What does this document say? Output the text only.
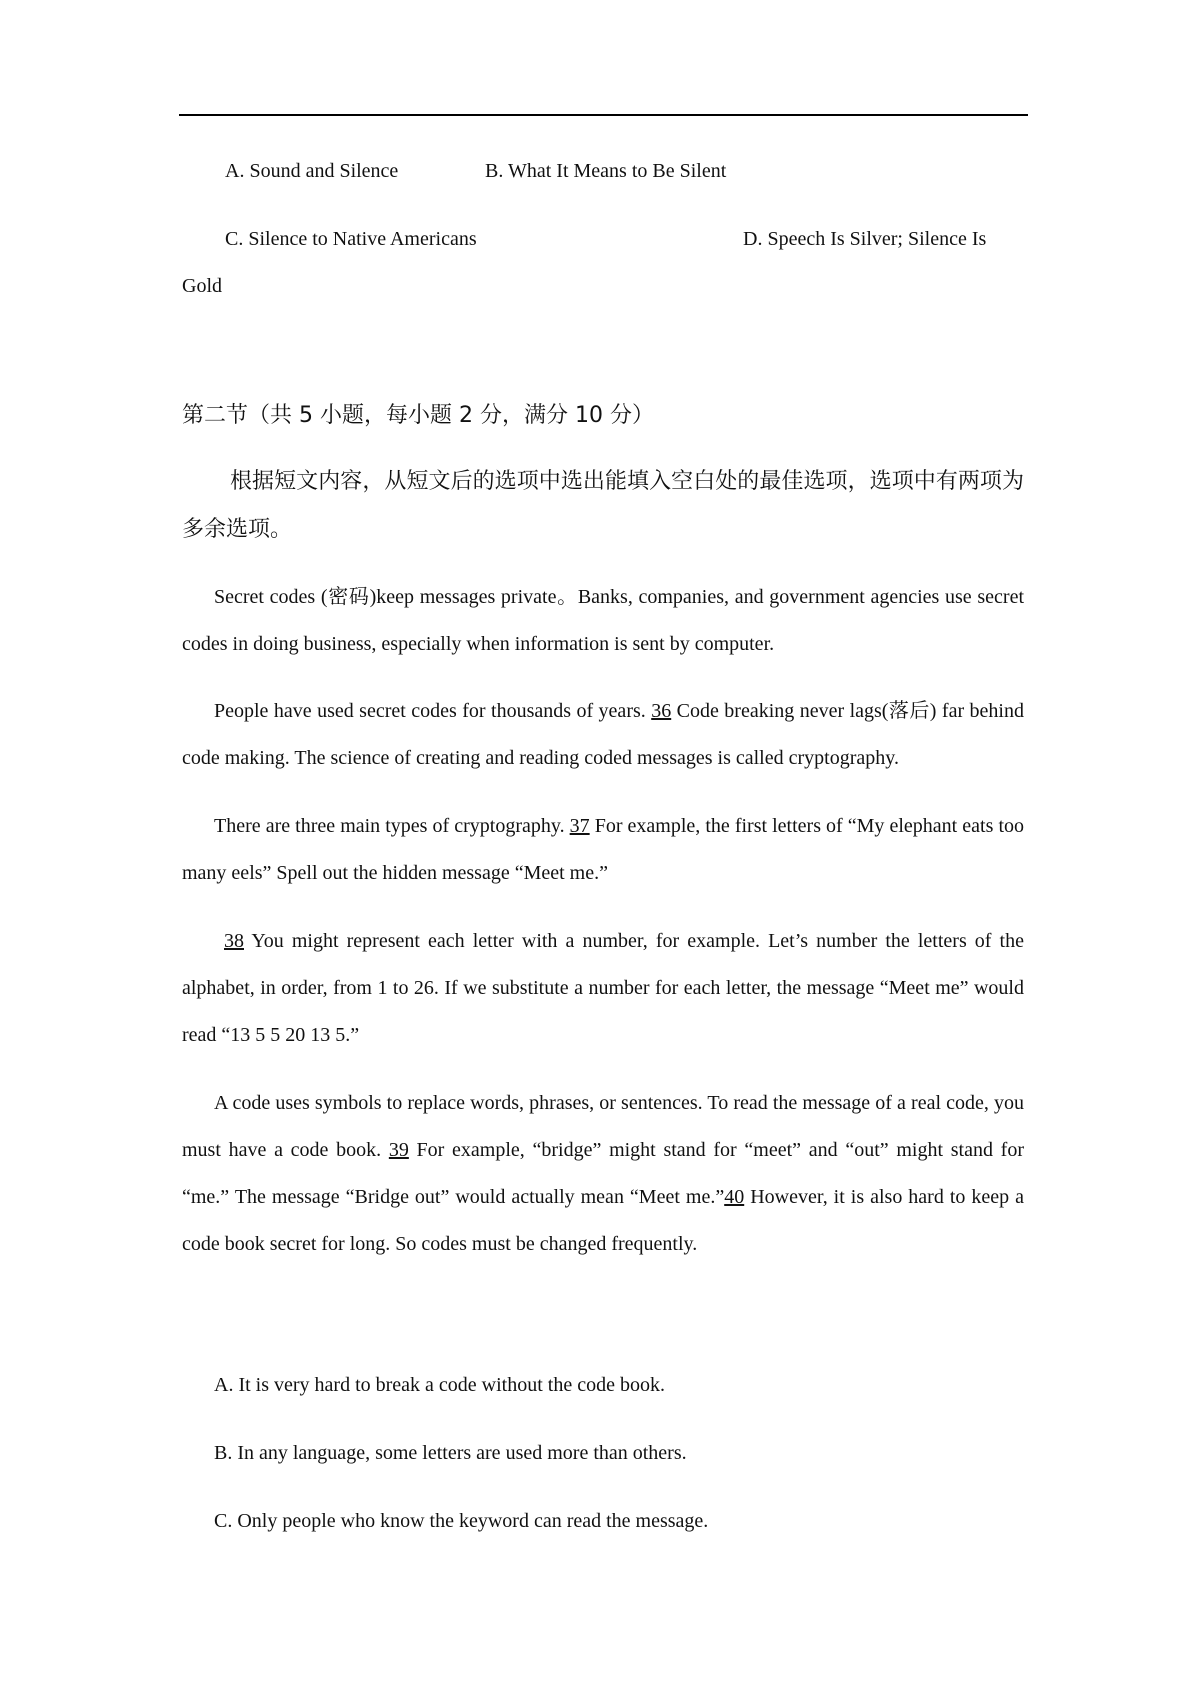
A. Sound and Silence	B. What It Means to Be Silent
C. Silence to Native Americans	D. Speech Is Silver; Silence Is
Gold
第二节（共 5 小题，每小题 2 分，满分 10 分）
根据短文内容，从短文后的选项中选出能填入空白处的最佳选项，选项中有两项为多余选项。
Secret codes (密码)keep messages private。Banks, companies, and government agencies use secret codes in doing business, especially when information is sent by computer.
People have used secret codes for thousands of years. 36 Code breaking never lags(落后) far behind code making. The science of creating and reading coded messages is called cryptography.
There are three main types of cryptography. 37 For example, the first letters of “My elephant eats too many eels” Spell out the hidden message “Meet me.”
38 You might represent each letter with a number, for example. Let’s number the letters of the alphabet, in order, from 1 to 26. If we substitute a number for each letter, the message “Meet me” would read “13 5 5 20 13 5.”
A code uses symbols to replace words, phrases, or sentences. To read the message of a real code, you must have a code book. 39 For example, “bridge” might stand for “meet” and “out” might stand for “me.” The message “Bridge out” would actually mean “Meet me.”40 However, it is also hard to keep a code book secret for long. So codes must be changed frequently.
A. It is very hard to break a code without the code book.
B. In any language, some letters are used more than others.
C. Only people who know the keyword can read the message.
